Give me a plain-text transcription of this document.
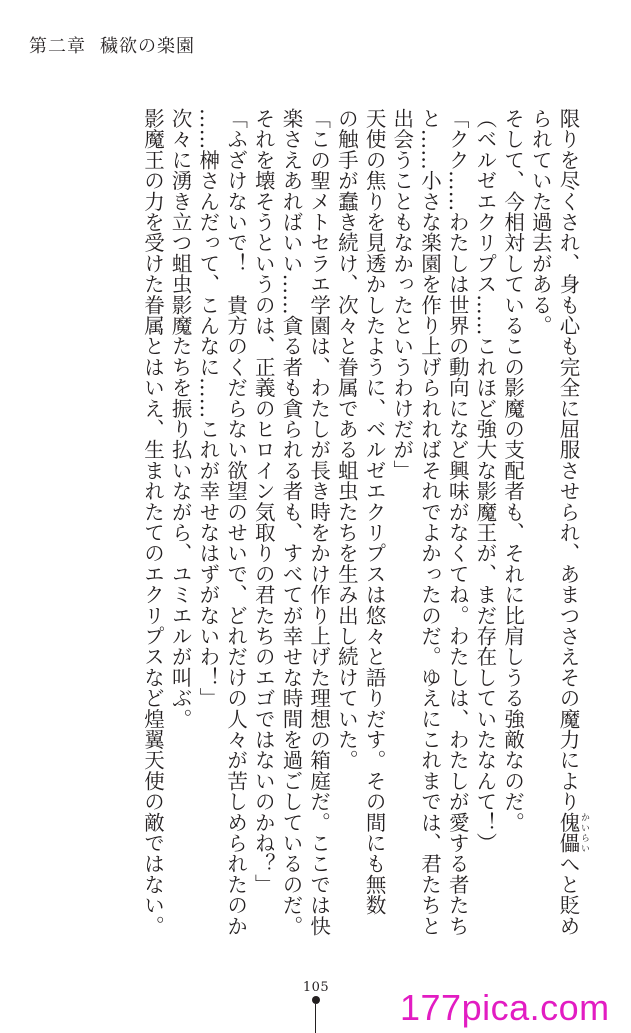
第二章 穢欲の楽園
限りを尽くされ、身も心も完全に屈服させられ、あまつさえその魔力により傀儡 かいらいへと貶め
られていた過去がある。
そして、今相対しているこの影魔の支配者も、それに比肩しうる強敵なのだ。
（ベルゼエクリプス……これほど強大な影魔王が、まだ存在していたなんて！）
「クク……わたしは世界の動向になど興味がなくてね。わたしは、わたしが愛する者たち
と……小さな楽園を作り上げられればそれでよかったのだ。ゆえにこれまでは、君たちと
出会うこともなかったというわけだが」
天使の焦りを見透かしたように、ベルゼエクリプスは悠々と語りだす。その間にも無数
の触手が蠢き続け、次々と眷属である蛆虫たちを生み出し続けていた。
「この聖メトセラエ学園は、わたしが長き時をかけ作り上げた理想の箱庭だ。ここでは快
楽さえあればいい……貪る者も貪られる者も、すべてが幸せな時間を過ごしているのだ。
それを壊そうというのは、正義のヒロイン気取りの君たちのエゴではないのかね？」
「ふざけないで！　貴方のくだらない欲望のせいで、どれだけの人々が苦しめられたのか
……榊さんだって、こんなに……これが幸せなはずがないわ！」
次々に湧き立つ蛆虫影魔たちを振り払いながら、ユミエルが叫ぶ。
影魔王の力を受けた眷属とはいえ、生まれたてのエクリプスなど煌翼天使の敵ではない。
105 177pica.com
